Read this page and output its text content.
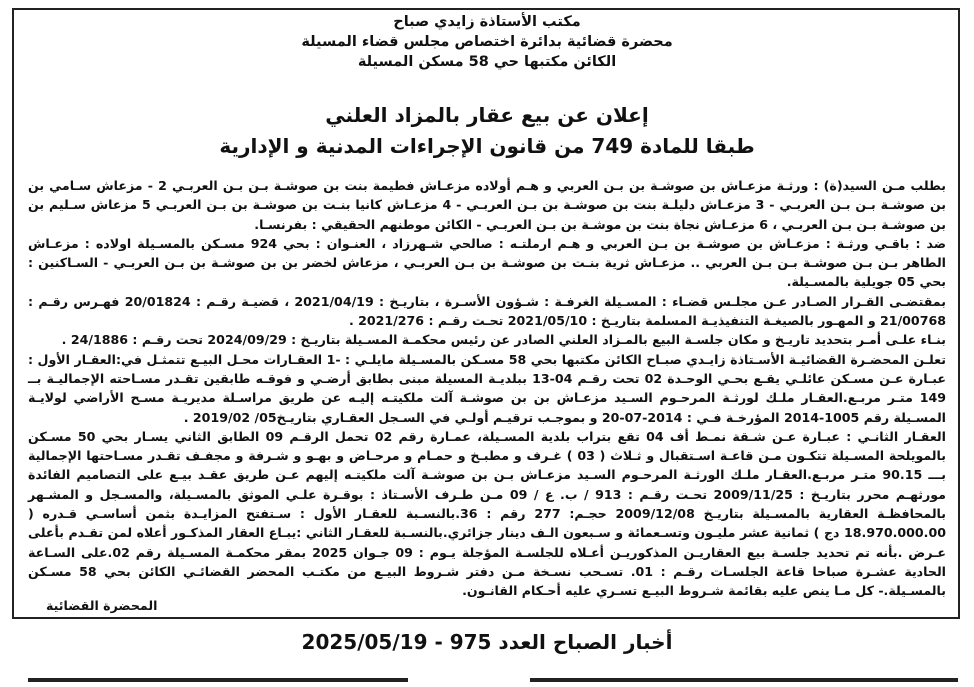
مكتب الأستاذة زايدي صباح
محضرة قضائية بدائرة اختصاص مجلس قضاء المسيلة
الكائن مكتبها حي 58 مسكن المسيلة
إعلان عن بيع عقار بالمزاد العلني
طبقا للمادة 749 من قانون الإجراءات المدنية و الإدارية

بطلب مـن السيد(ة) : ورثـة مزعـاش بن صوشـة بن بـن العربي و هـم أولاده مزعـاش فطيمة بنت بن صوشـة بـن بـن العربـي 2 - مزعاش سـامي بن بن صوشـة بـن بـن العربـي - 3 مزعـاش دليلـة بنت بن صوشـة بن بـن العربـي - 4 مزعـاش كانيا بنـت بن صوشـة بن بـن العربـي 5 مزعاش سـليم بن بن صوشـة بـن بـن العربـي ، 6 مزعـاش نجاة بنت بن موشـة بن بـن العربـي - الكائن موطنهم الحقيقي : بفرنسـا.

ضد : باقـي ورثـة : مزعـاش بن صوشـة بن بـن العربي و هـم ارملتـه : صالحي شـهرزاد ، العنـوان : بحي 924 مسـكن بالمسـيلة اولاده : مزعـاش الطاهر بـن بـن صوشـة بـن بـن العربي .. مزعـاش ثرية بنـت بن صوشـة بن بـن العربـي ، مزعاش لخضر بن بن صوشـة بن بـن العربـي - السـاكنين : بحي 05 جويلية بالمسـيلة.

بمقتضـى القـرار الصـادر عـن مجلـس قضـاء : المسـيلة الغرفـة : شـؤون الأسـرة ، بتاريـخ : 2021/04/19 ، قضيـة رقـم : 20/01824 فهـرس رقـم : 21/00768 و المهـور بالصيغـة التنفيذيـة المسلمة بتاريـخ : 2021/05/10 تحـت رقـم : 2021/276 .

بنـاء علـى أمـر بتحديد تاريـخ و مكان جلسـة البيع بالمـزاد العلني الصادر عن رئيس محكمـة المسـيلة بتاريـخ : 2024/09/29 تحت رقـم : 24/1886 .

تعلـن المحضـرة القضائيـة الأسـتاذة زايـدي صبـاح الكائن مكتبها بحي 58 مسـكن بالمسـيلة مايلـي : -1 العقـارات محـل البيـع تتمثـل في:العقـار الأول : عبـارة عـن مسـكن عائلـي يقـع بحـي الوحـدة 02 تحت رقـم 04-13 ببلديـة المسيلة مبنى بطابق أرضـي و فوقـه طابقين تقـدر مسـاحته الإجماليـة بــ 149 متـر مربـع.العقـار ملـك لورثـة المرحـوم السـيد مزعـاش بن بن صوشـة آلت ملكيتـه إليـه عن طريق مراسـلة مديريـة مسـح الأراضي لولايـة المسـيلة رقم 1005-2014 المؤرخـة فـي : 2014-07-20 و بموجـب ترقيـم أولـي في السـجل العقـاري بتاريـخ05/ 2019/02 .

العقـار الثانـي : عبـارة عـن شـقة نمـط أف 04 تقع بتراب بلدية المسـيلة، عمـارة رقم 02 تحمل الرقـم 09 الطابق الثاني يسـار بحي 50 مسـكن بالمويلحة المسـيلة تتكـون مـن قاعـة اسـتقبال و ثـلاث ( 03 ) غـرف و مطبـخ و حمـام و مرحـاض و بهـو و شـرفة و مجفـف تقـدر مسـاحتها الإجمالية بـــ 90.15 متـر مربـع.العقـار ملـك الورثـة المرحـوم السـيد مزعـاش بـن بن صوشـة آلت ملكيتـه إليهم عـن طريق عقـد بيـع على التصاميم الفائدة مورثهـم محرر بتاريـخ : 2009/11/25 تحـت رقـم : 913 / ب. ع / 09 مـن طـرف الأسـتاذ : بوقـرة علـي الموثق بالمسـيلة، والمسـجل و المشـهر بالمحافظـة العقارية بالمسـيلة بتاريـخ 2009/12/08 حجـم: 277 رقم : 36.بالنسـبة للعقـار الأول : سـتفتح المزايـدة بثمن أساسـي قـدره ( 18.970.000.00 دج ) ثمانية عشر مليـون وتسـعمائة و سـبعون الـف دينار جزائري.بالنسـبة للعقـار الثاني :يبـاع العقار المذكـور أعلاه لمن تقـدم بأعلى عـرض .بأنه تم تحديد جلسـة بيع العقاريـن المذكوريـن أعـلاه للجلسـة المؤجلة يـوم : 09 جـوان 2025 بمقر محكمـة المسـيلة رقم 02.على السـاعة الحادية عشـرة صباحا قاعة الجلسـات رقـم : 01. تسـحب نسـخة مـن دفتر شـروط البيـع من مكتـب المحضر القضائـي الكائن بحي 58 مسـكن بالمسـيلة.- كل مـا ينص عليه بقائمة شـروط البيـع تسـري عليه أحـكام القانـون.

المحضرة القضائية
أخبار الصباح العدد 975 - 2025/05/19
